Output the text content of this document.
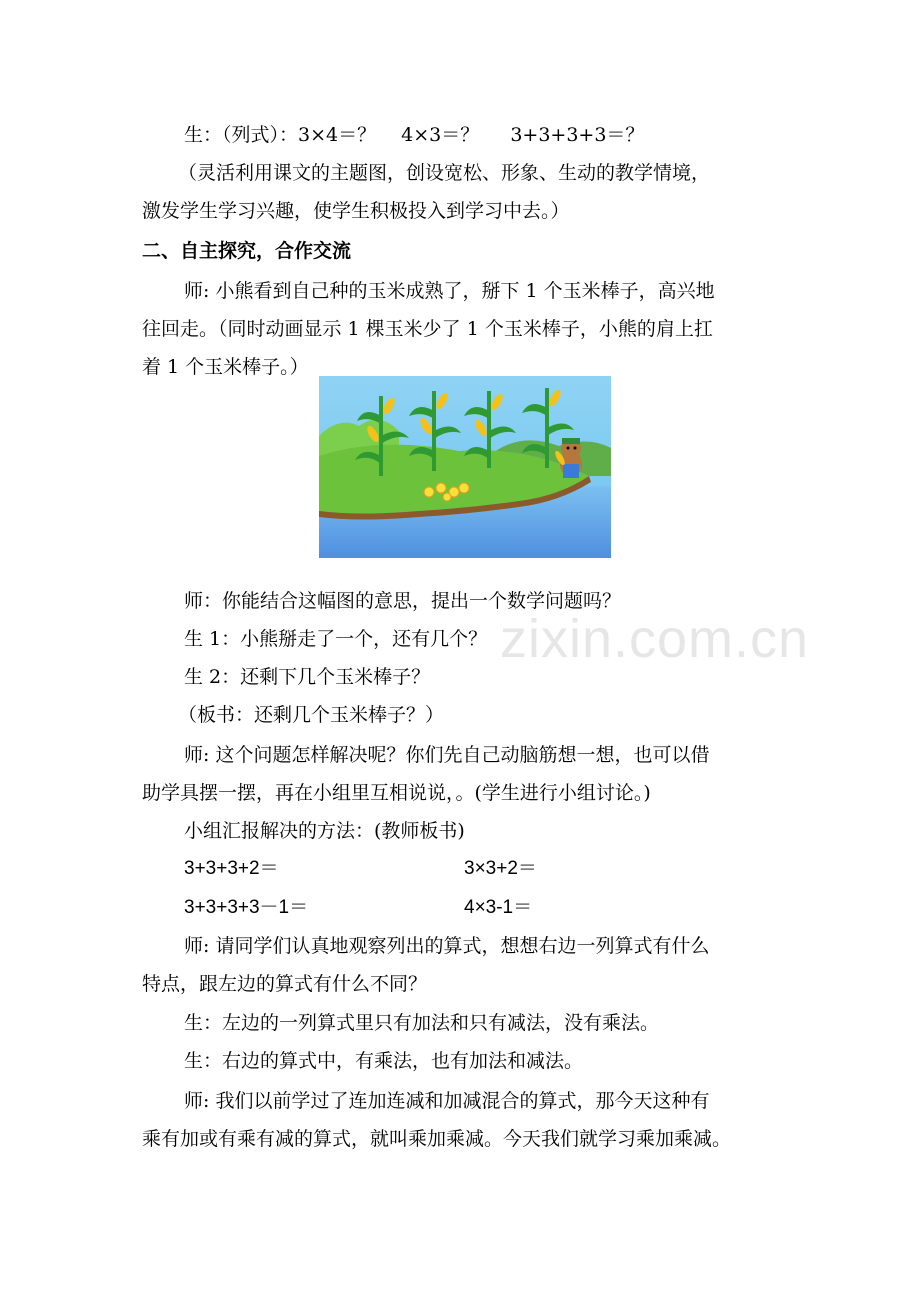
生：（列式）：3×4＝？　 4×3＝？ 　 3+3+3+3＝？
（灵活利用课文的主题图，创设宽松、形象、生动的教学情境，
激发学生学习兴趣，使学生积极投入到学习中去。）
二、自主探究，合作交流
师: 小熊看到自己种的玉米成熟了，掰下 1 个玉米棒子，高兴地
往回走。（同时动画显示 1 棵玉米少了 1 个玉米棒子，小熊的肩上扛
着 1 个玉米棒子。）
师：你能结合这幅图的意思，提出一个数学问题吗？
生 1：小熊掰走了一个，还有几个？
生 2：还剩下几个玉米棒子？
（板书：还剩几个玉米棒子？）
师: 这个问题怎样解决呢？你们先自己动脑筋想一想，也可以借
助学具摆一摆，再在小组里互相说说，。(学生进行小组讨论。)
小组汇报解决的方法：(教师板书)
3+3+3+2＝	3×3+2＝
3+3+3+3－1＝	4×3-1＝
师: 请同学们认真地观察列出的算式，想想右边一列算式有什么
特点，跟左边的算式有什么不同？
生：左边的一列算式里只有加法和只有减法，没有乘法。
生：右边的算式中，有乘法，也有加法和减法。
师: 我们以前学过了连加连减和加减混合的算式，那今天这种有
乘有加或有乘有减的算式，就叫乘加乘减。今天我们就学习乘加乘减。
zixin.com.cn
